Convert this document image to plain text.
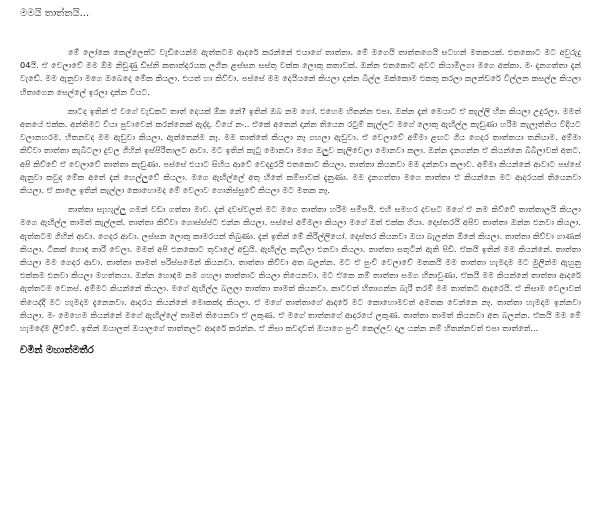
මමයි තාත්තයි...

මේ ලෝකෙ කෙල්ලෙක්ට වැඩියෙන්ම ඇත්තටම ආදරේ කරන්නේ එයාගේ තාත්තා. මේ මගෙයි තාත්තගෙයි සටහන් මතකයක්. එතකොට මට අවුරුදු 04යි. ඒ වෙලාවේ මම ඕම නිඩුණු ඩිස්නි කතාන්දරයක ලගින ළස්සන සස්තු වක්ක ලොකු කතාවක්. ඔන්න එතකොට අවට කියාමිලගා මගෙ අක්කා. මං දැනගත්තා දැන් වැඩේ. මම ඇනුවා මගෙ ඔබෙදෙ මේක කියලා. එයත් හා කිව්වා. පස්සේ මම දෙයියනේ කියලා දන්න බිල්ල ඔක්කොම එකතු කරලා කලන්ඩරේ විල්ලන කසල්ල කියලා හිතාගෙන සෙල්ලේ ඉරලා දාන්න වියට.

කාටද ඉතින් ඒ වගේ වැඩකට තාත් දෙයක් ඕන නේ? ඉතින් ඔබ නම ගෝ. එහෙම හිතන්න එපා. ඔන්න දැන් මෙයාට ඒ කැල්ලි හින කියලා උදුරලා. මමත් අතයේ එක්ක. අන්තිමට වියා පුවාවෙන් කරන්නෙක් ඇද්දා. වියේ නං.. ඒකේ අතෙන් දාන්න තියෙන රටුම් කැල්ලට මගේ ලොකු ඇඟිල්ල කැඩුණා හරිම කැලෑත්තිය විදියට වලානහරම. හිතනවද මම ඇඩුවා කියලා. ඇත්තෙන්ම නෑ. මම තාත්තේ කියලා නෑ ගහලා ඇඩුවා. ඒ වෙලාවේ අම්මා ළඟට ගිය ගෙදර තාත්තයා තනියාම. අම්මා කිව්වා තාත්තා කැබිටලා දුවල ගිහින් ඉස්පිරිතාලට ආවා. මට ඉතින් කැටු මොනවා මගෙ ඔලුව කැලිවෙලා මොනවා කලා. ඔන්න දැනගන්න ඒ කියන්නෙ බිබිලාවක් අතට. අපි කිව්වේ ඒ වෙලාවේ තාත්තා කැඩුණා. පස්සේ එයාට සිහිය ආවේ වෙදදුරයි එතකොට කියලා. තාත්තා කියනවා මම දන්නවා කලාව. අම්මා කියන්නේ ආවාට පස්සේ ඇනුවා කවුද මේක අතේ දැන් හෙල්ලුවේ කියලා. මගෙ ඇඟිල්ලේ අතු හිතේ කම්පාවක් දැනුණා. මම දැනගත්තා මගෙ තාත්තා ඒ කියන්නෙ මට ආදරයක් තියෙනවා කියලා. ඒ කාලෙ ඉතින් කැල්ලා කොහොමද මේ වෙලාව ගොනිස්සුවේ කියලා මට මතක නෑ.

තාත්තා සැහැල්ලු ගමන් වඩා ගත්තා මාව. දැන් දවස්වලත් මට මගෙ තාත්තා හරිම සමීපයි. එහි සමහර දවසට මගේ ඒ නම කිව්වේ තාත්තාලයි කියලා මගෙ ඇඟිල්ල තාමත් කැල්ලක්. තාත්තා කිව්වා ගොස්ස්ප්ට එන්න කියලා. පස්සේ අම්මලා කියලා මගේ ඔත් එක්ක ගියා. දොස්තරයි අපිව තාත්තා ඔන්න එනවා කියලා. ඇත්තටම ගිහින් ආවා. ගෙදර ආවා. ලස්සන ලොකු කාමරයක් තිබුණා. දැන් ඉතින් මේ කිරිල්ලියෝ. දොස්තර කියනවා ඔයා බැලන්න ඕනේ කියලා. තාත්තා කිව්වා ගාණක් කියලා. ටිකක් හොඳ තාරි වෙලා. මමත් අපි එනකොට තුවාලේ අඩුයි. ඇඟිල්ල කැඩිලා එනවා කියලා. තාත්තා සතුටින් ඇති පිඩි. ඒකයි ඉතින් මම කියන්නේ. තාත්තා කියලා මම ගෙදර ආවා. තාත්තා තාමත් පරිස්සමෙන් කියනවා. තාත්තා කිව්වා අත බලන්න. මට ඒ පුංචි වෙලාවේ මතකයි මම තාත්තා හැමදාම මට මුලින්ම ඇහුනු එක්කම එනවා කියලා මහත්තයා. ඔන්න හොඳම නම ගහලා තාත්තාට කියලා තියෙනවා. මට ඒකෙ නම් තාත්තා සමග හිනාවුණා. ඒකයි මම කියන්නේ තාත්තා ආදරේ ඇත්තටම වෙනස්. අම්මට කියන්නේ කියලා. මගේ ඇඟිල්ල බලලා තාත්තා තාමත් කියනවා. කාටවත් හිතාගන්න බැරි තරම් මම තාත්තට ආදරෙයි. ඒ නිසාම වෙලාවක් තියෙද්දී මට හැමදාම දැනෙනවා. ආදරය කියන්නේ මොකක්ද කියලා. ඒ මගේ තාත්තාගේ ආදරේ මට කොහොමවත් අමතක වෙන්නෙ නෑ. තාත්තා හැමදාම ඉන්නවා කියලා. මං මෙහෙම කියන්නේ මගේ ඇඟිල්ලේ තාමත් තියෙනවා ඒ ලකුණ. ඒ මගේ තාත්තගේ ආදරයේ ලකුණ. තාත්තා තාමත් කියනවා අත බලන්න. ඒකයි මම මේ හැමදේම ලිව්වේ. ඉතින් ඔයාලත් ඔයාලගේ තාත්තලට ආදරේ කරන්න. ඒ නිසා කවදාවත් ඔයාගෙ පුංචි කෙල්ලව දාල යන්න නම් හිතන්නවත් එපා තාත්තේ...

චමින් මහාත්මතීර
